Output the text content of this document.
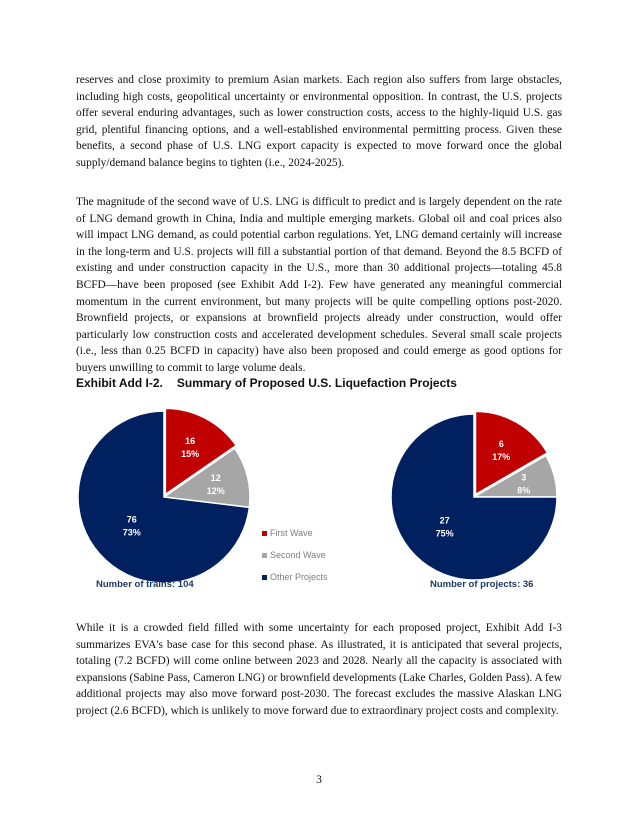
reserves and close proximity to premium Asian markets. Each region also suffers from large obstacles, including high costs, geopolitical uncertainty or environmental opposition. In contrast, the U.S. projects offer several enduring advantages, such as lower construction costs, access to the highly-liquid U.S. gas grid, plentiful financing options, and a well-established environmental permitting process. Given these benefits, a second phase of U.S. LNG export capacity is expected to move forward once the global supply/demand balance begins to tighten (i.e., 2024-2025).

The magnitude of the second wave of U.S. LNG is difficult to predict and is largely dependent on the rate of LNG demand growth in China, India and multiple emerging markets. Global oil and coal prices also will impact LNG demand, as could potential carbon regulations. Yet, LNG demand certainly will increase in the long-term and U.S. projects will fill a substantial portion of that demand. Beyond the 8.5 BCFD of existing and under construction capacity in the U.S., more than 30 additional projects—totaling 45.8 BCFD—have been proposed (see Exhibit Add I-2). Few have generated any meaningful commercial momentum in the current environment, but many projects will be quite compelling options post-2020. Brownfield projects, or expansions at brownfield projects already under construction, would offer particularly low construction costs and accelerated development schedules. Several small scale projects (i.e., less than 0.25 BCFD in capacity) have also been proposed and could emerge as good options for buyers unwilling to commit to large volume deals.

Exhibit Add I-2. Summary of Proposed U.S. Liquefaction Projects
16
15%
12
12%
76
73%
Number of trains: 104
First Wave
Second Wave
Other Projects
6
17%
3
8%
27
75%
Number of projects: 36

While it is a crowded field filled with some uncertainty for each proposed project, Exhibit Add I-3 summarizes EVA's base case for this second phase. As illustrated, it is anticipated that several projects, totaling (7.2 BCFD) will come online between 2023 and 2028. Nearly all the capacity is associated with expansions (Sabine Pass, Cameron LNG) or brownfield developments (Lake Charles, Golden Pass). A few additional projects may also move forward post-2030. The forecast excludes the massive Alaskan LNG project (2.6 BCFD), which is unlikely to move forward due to extraordinary project costs and complexity.

3
